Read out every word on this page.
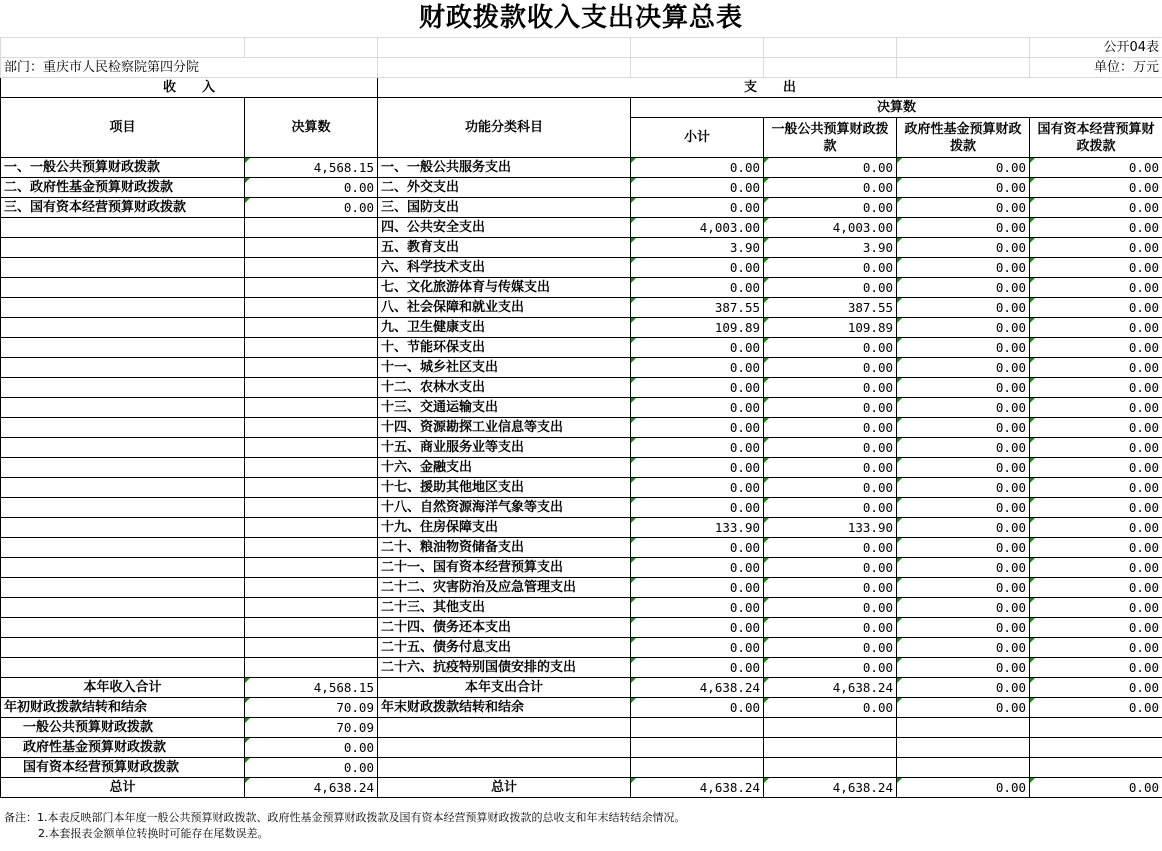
财政拨款收入支出决算总表
						公开04表
部门：重庆市人民检察院第四分院						单位：万元
收　　入		支　　出				
项目	决算数	功能分类科目	决算数			
			小计	一般公共预算财政拨款	政府性基金预算财政拨款	国有资本经营预算财政拨款

一、一般公共预算财政拨款	4,568.15	一、一般公共服务支出	0.00	0.00	0.00	0.00
二、政府性基金预算财政拨款	0.00	二、外交支出	0.00	0.00	0.00	0.00
三、国有资本经营预算财政拨款	0.00	三、国防支出	0.00	0.00	0.00	0.00
		四、公共安全支出	4,003.00	4,003.00	0.00	0.00
		五、教育支出	3.90	3.90	0.00	0.00
		六、科学技术支出	0.00	0.00	0.00	0.00
		七、文化旅游体育与传媒支出	0.00	0.00	0.00	0.00
		八、社会保障和就业支出	387.55	387.55	0.00	0.00
		九、卫生健康支出	109.89	109.89	0.00	0.00
		十、节能环保支出	0.00	0.00	0.00	0.00
		十一、城乡社区支出	0.00	0.00	0.00	0.00
		十二、农林水支出	0.00	0.00	0.00	0.00
		十三、交通运输支出	0.00	0.00	0.00	0.00
		十四、资源勘探工业信息等支出	0.00	0.00	0.00	0.00
		十五、商业服务业等支出	0.00	0.00	0.00	0.00
		十六、金融支出	0.00	0.00	0.00	0.00
		十七、援助其他地区支出	0.00	0.00	0.00	0.00
		十八、自然资源海洋气象等支出	0.00	0.00	0.00	0.00
		十九、住房保障支出	133.90	133.90	0.00	0.00
		二十、粮油物资储备支出	0.00	0.00	0.00	0.00
		二十一、国有资本经营预算支出	0.00	0.00	0.00	0.00
		二十二、灾害防治及应急管理支出	0.00	0.00	0.00	0.00
		二十三、其他支出	0.00	0.00	0.00	0.00
		二十四、债务还本支出	0.00	0.00	0.00	0.00
		二十五、债务付息支出	0.00	0.00	0.00	0.00
		二十六、抗疫特别国债安排的支出	0.00	0.00	0.00	0.00
本年收入合计	4,568.15	本年支出合计	4,638.24	4,638.24	0.00	0.00
年初财政拨款结转和结余	70.09	年末财政拨款结转和结余	0.00	0.00	0.00	0.00
一般公共预算财政拨款	70.09					
政府性基金预算财政拨款	0.00					
国有资本经营预算财政拨款	0.00					
总计	4,638.24	总计	4,638.24	4,638.24	0.00	0.00
备注：1.本表反映部门本年度一般公共预算财政拨款、政府性基金预算财政拨款及国有资本经营预算财政拨款的总收支和年末结转结余情况。
2.本套报表金额单位转换时可能存在尾数误差。
